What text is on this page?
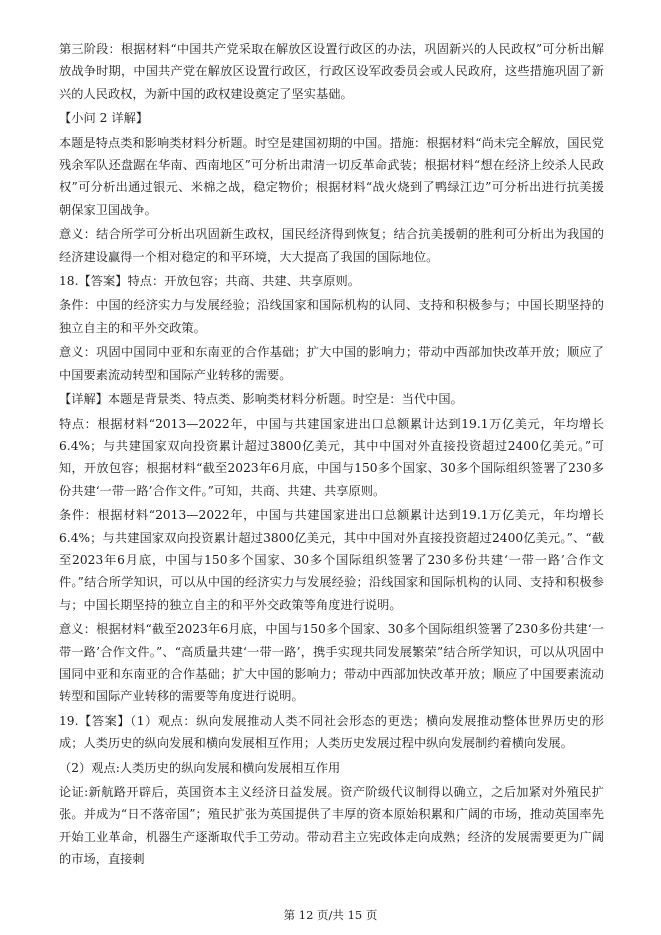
第三阶段：根据材料“中国共产党采取在解放区设置行政区的办法，巩固新兴的人民政权”可分析出解放战争时期，中国共产党在解放区设置行政区，行政区设军政委员会或人民政府，这些措施巩固了新兴的人民政权，为新中国的政权建设奠定了坚实基础。

【小问 2 详解】

本题是特点类和影响类材料分析题。时空是建国初期的中国。措施：根据材料“尚未完全解放，国民党残余军队还盘踞在华南、西南地区”可分析出肃清一切反革命武装；根据材料“想在经济上绞杀人民政权”可分析出通过银元、米棉之战，稳定物价；根据材料“战火烧到了鸭绿江边”可分析出进行抗美援朝保家卫国战争。

意义：结合所学可分析出巩固新生政权，国民经济得到恢复；结合抗美援朝的胜利可分析出为我国的经济建设赢得一个相对稳定的和平环境，大大提高了我国的国际地位。

18.【答案】特点：开放包容；共商、共建、共享原则。

条件：中国的经济实力与发展经验；沿线国家和国际机构的认同、支持和积极参与；中国长期坚持的独立自主的和平外交政策。

意义：巩固中国同中亚和东南亚的合作基础；扩大中国的影响力；带动中西部加快改革开放；顺应了中国要素流动转型和国际产业转移的需要。

【详解】本题是背景类、特点类、影响类材料分析题。时空是：当代中国。

特点：根据材料“2013—2022年，中国与共建国家进出口总额累计达到19.1万亿美元，年均增长6.4%；与共建国家双向投资累计超过3800亿美元，其中中国对外直接投资超过2400亿美元。”可知，开放包容；根据材料“截至2023年6月底，中国与150多个国家、30多个国际组织签署了230多份共建‘一带一路’合作文件。”可知，共商、共建、共享原则。

条件：根据材料“2013—2022年，中国与共建国家进出口总额累计达到19.1万亿美元，年均增长6.4%；与共建国家双向投资累计超过3800亿美元，其中中国对外直接投资超过2400亿美元。”、“截至2023年6月底，中国与150多个国家、30多个国际组织签署了230多份共建‘一带一路’合作文件。”结合所学知识，可以从中国的经济实力与发展经验；沿线国家和国际机构的认同、支持和积极参与；中国长期坚持的独立自主的和平外交政策等角度进行说明。

意义：根据材料“截至2023年6月底，中国与150多个国家、30多个国际组织签署了230多份共建‘一带一路’合作文件。”、“高质量共建‘一带一路’，携手实现共同发展繁荣”结合所学知识，可以从巩固中国同中亚和东南亚的合作基础；扩大中国的影响力；带动中西部加快改革开放；顺应了中国要素流动转型和国际产业转移的需要等角度进行说明。

19.【答案】（1）观点：纵向发展推动人类不同社会形态的更迭；横向发展推动整体世界历史的形成；人类历史的纵向发展和横向发展相互作用；人类历史发展过程中纵向发展制约着横向发展。

（2）观点:人类历史的纵向发展和横向发展相互作用

论证:新航路开辟后，英国资本主义经济日益发展。资产阶级代议制得以确立，之后加紧对外殖民扩张。并成为“日不落帝国”；殖民扩张为英国提供了丰厚的资本原始积累和广阔的市场，推动英国率先开始工业革命，机器生产逐渐取代手工劳动。带动君主立宪政体走向成熟；经济的发展需要更为广阔的市场，直接刺

第 12 页/共 15 页
